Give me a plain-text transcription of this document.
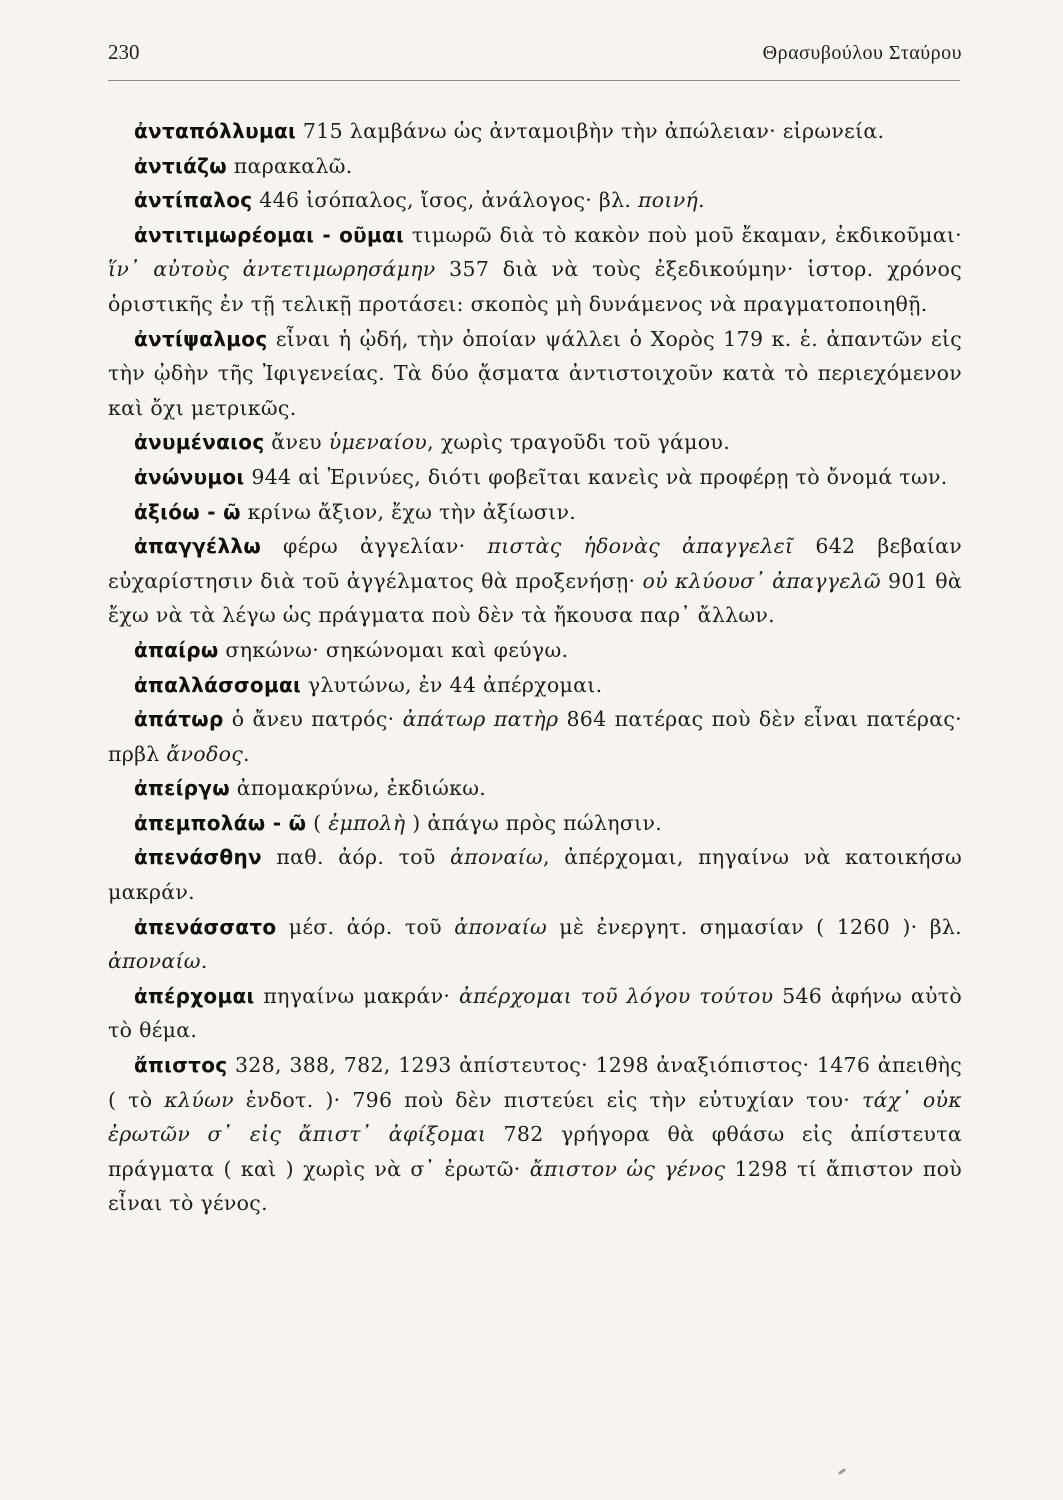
230	Θρασυβούλου Σταύρου

ἀνταπόλλυμαι 715 λαμβάνω ὡς ἀνταμοιβὴν τὴν ἀπώλειαν· εἰρωνεία.

ἀντιάζω παρακαλῶ.

ἀντίπαλος 446 ἰσόπαλος, ἴσος, ἀνάλογος· βλ. ποινή.

ἀντιτιμωρέομαι - οῦμαι τιμωρῶ διὰ τὸ κακὸν ποὺ μοῦ ἔκαμαν, ἐκδικοῦμαι· ἵν᾽ αὐτοὺς ἀντετιμωρησάμην 357 διὰ νὰ τοὺς ἐξεδικούμην· ἱστορ. χρόνος ὁριστικῆς ἐν τῇ τελικῇ προτάσει: σκοπὸς μὴ δυνάμενος νὰ πραγματοποιηθῇ.

ἀντίψαλμος εἶναι ἡ ᾠδή, τὴν ὁποίαν ψάλλει ὁ Χορὸς 179 κ. ἑ. ἀπαντῶν εἰς τὴν ᾠδὴν τῆς Ἰφιγενείας. Τὰ δύο ᾄσματα ἀντιστοιχοῦν κατὰ τὸ περιεχόμενον καὶ ὄχι μετρικῶς.

ἀνυμέναιος ἄνευ ὑμεναίου, χωρὶς τραγοῦδι τοῦ γάμου.

ἀνώνυμοι 944 αἱ Ἐρινύες, διότι φοβεῖται κανεὶς νὰ προφέρῃ τὸ ὄνομά των.

ἀξιόω - ῶ κρίνω ἄξιον, ἔχω τὴν ἀξίωσιν.

ἀπαγγέλλω φέρω ἀγγελίαν· πιστὰς ἡδονὰς ἀπαγγελεῖ 642 βεβαίαν εὐχαρίστησιν διὰ τοῦ ἀγγέλματος θὰ προξενήσῃ· οὐ κλύουσ᾽ ἀπαγγελῶ 901 θὰ ἔχω νὰ τὰ λέγω ὡς πράγματα ποὺ δὲν τὰ ἤκουσα παρ᾽ ἄλλων.

ἀπαίρω σηκώνω· σηκώνομαι καὶ φεύγω.

ἀπαλλάσσομαι γλυτώνω, ἐν 44 ἀπέρχομαι.

ἀπάτωρ ὁ ἄνευ πατρός· ἀπάτωρ πατὴρ 864 πατέρας ποὺ δὲν εἶναι πατέρας· πρβλ ἄνοδος.

ἀπείργω ἀπομακρύνω, ἐκδιώκω.

ἀπεμπολάω - ῶ ( ἐμπολὴ ) ἀπάγω πρὸς πώλησιν.

ἀπενάσθην παθ. ἀόρ. τοῦ ἀποναίω, ἀπέρχομαι, πηγαίνω νὰ κατοικήσω μακράν.

ἀπενάσσατο μέσ. ἀόρ. τοῦ ἀποναίω μὲ ἐνεργητ. σημασίαν ( 1260 )· βλ. ἀποναίω.

ἀπέρχομαι πηγαίνω μακράν· ἀπέρχομαι τοῦ λόγου τούτου 546 ἀφήνω αὐτὸ τὸ θέμα.

ἄπιστος 328, 388, 782, 1293 ἀπίστευτος· 1298 ἀναξιόπιστος· 1476 ἀπειθὴς ( τὸ κλύων ἐνδοτ. )· 796 ποὺ δὲν πιστεύει εἰς τὴν εὐτυχίαν του· τάχ᾽ οὐκ ἐρωτῶν σ᾽ εἰς ἄπιστ᾽ ἀφίξομαι 782 γρήγορα θὰ φθάσω εἰς ἀπίστευτα πράγματα ( καὶ ) χωρὶς νὰ σ᾽ ἐρωτῶ· ἄπιστον ὡς γένος 1298 τί ἄπιστον ποὺ εἶναι τὸ γένος.
